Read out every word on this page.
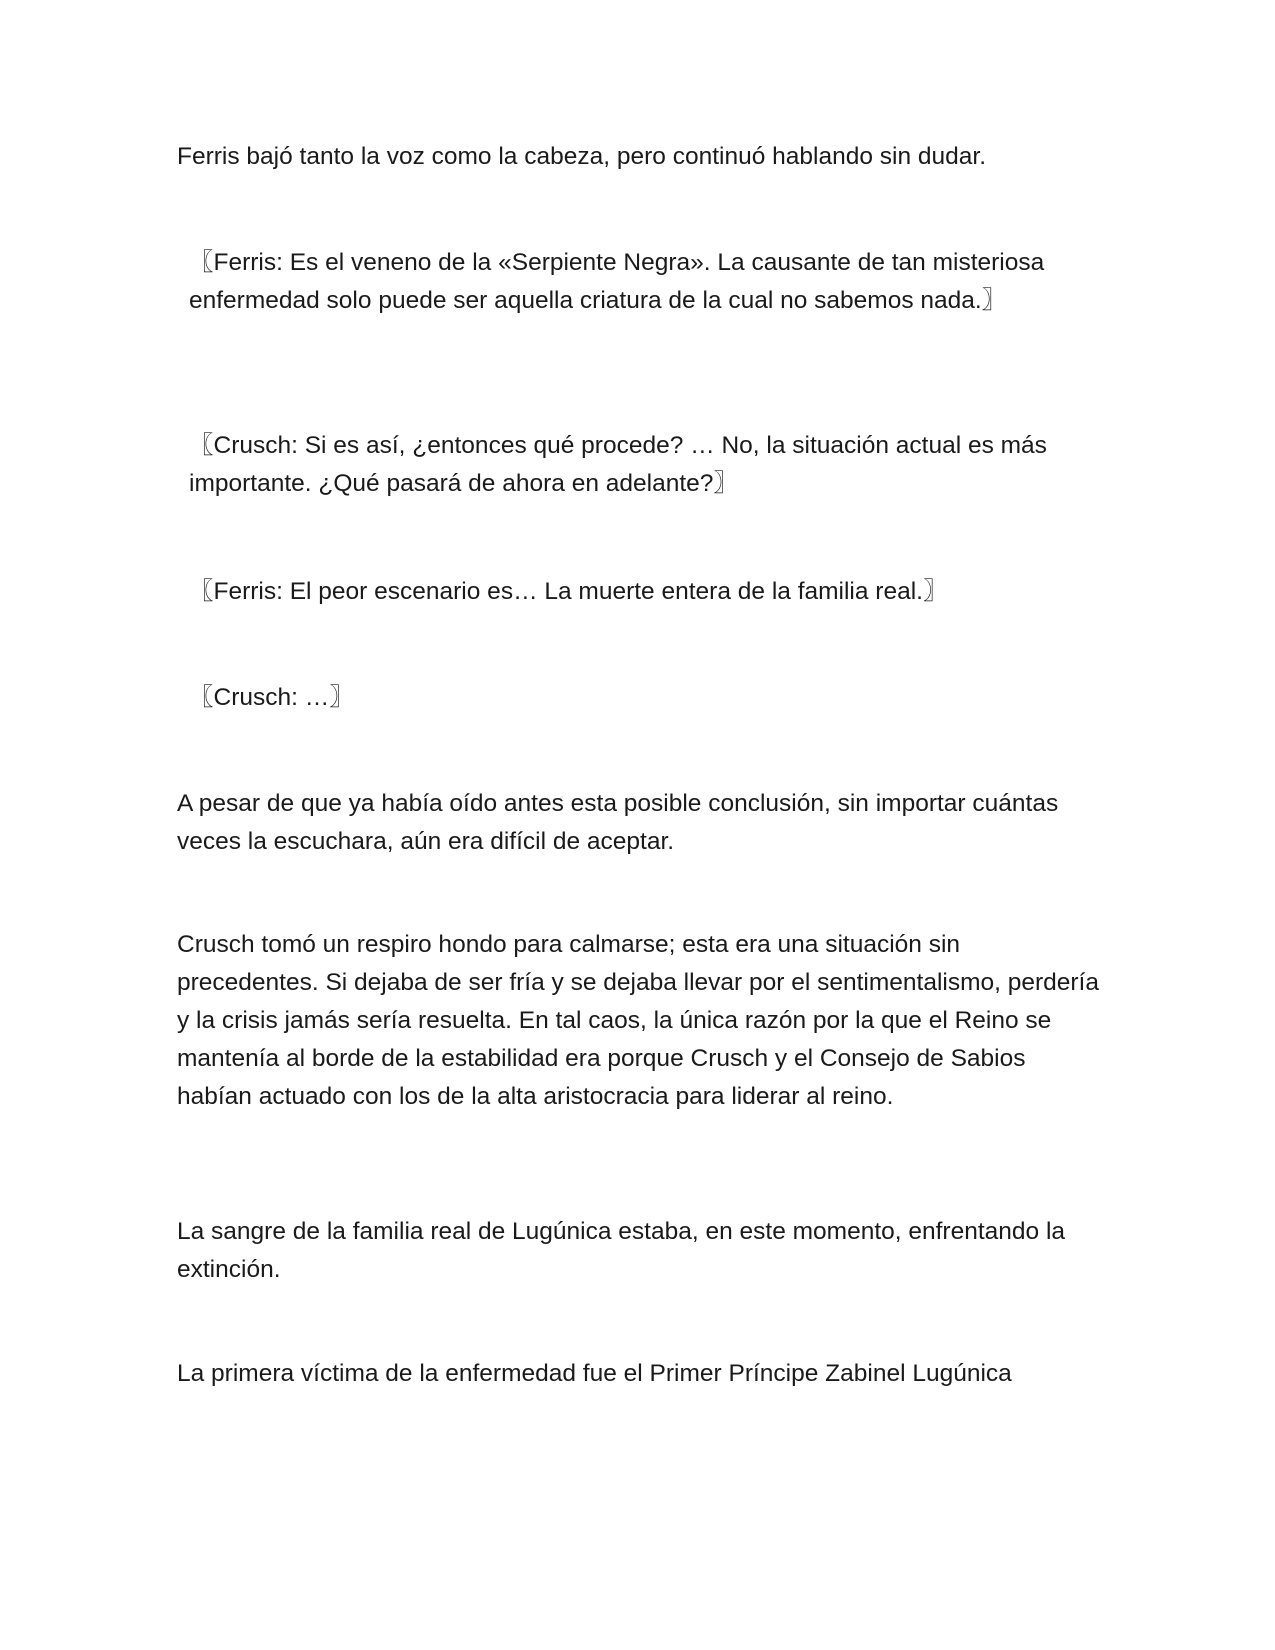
Ferris bajó tanto la voz como la cabeza, pero continuó hablando sin dudar.

〖Ferris: Es el veneno de la «Serpiente Negra». La causante de tan misteriosa enfermedad solo puede ser aquella criatura de la cual no sabemos nada.〗

〖Crusch: Si es así, ¿entonces qué procede? … No, la situación actual es más importante. ¿Qué pasará de ahora en adelante?〗

〖Ferris: El peor escenario es… La muerte entera de la familia real.〗

〖Crusch: …〗

A pesar de que ya había oído antes esta posible conclusión, sin importar cuántas veces la escuchara, aún era difícil de aceptar.

Crusch tomó un respiro hondo para calmarse; esta era una situación sin precedentes. Si dejaba de ser fría y se dejaba llevar por el sentimentalismo, perdería y la crisis jamás sería resuelta. En tal caos, la única razón por la que el Reino se mantenía al borde de la estabilidad era porque Crusch y el Consejo de Sabios habían actuado con los de la alta aristocracia para liderar al reino.

La sangre de la familia real de Lugúnica estaba, en este momento, enfrentando la extinción.

La primera víctima de la enfermedad fue el Primer Príncipe Zabinel Lugúnica
